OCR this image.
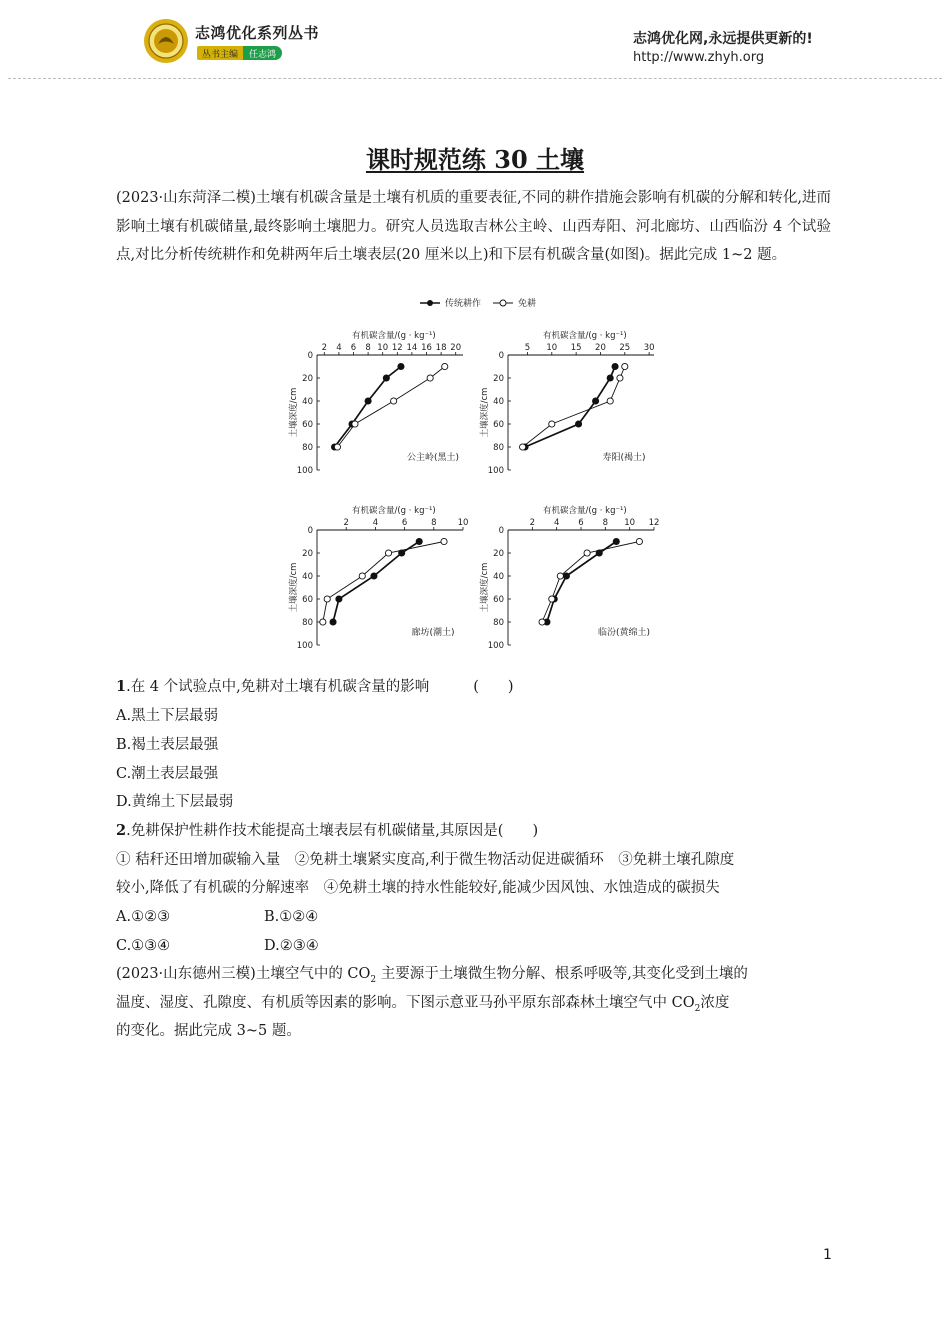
志鸿优化系列丛书
丛书主编	任志鸿
志鸿优化网,永远提供更新的!
http://www.zhyh.org
课时规范练 30 土壤
(2023·山东菏泽二模)土壤有机碳含量是土壤有机质的重要表征,不同的耕作措施会影响有机碳的分解和转化,进而影响土壤有机碳储量,最终影响土壤肥力。研究人员选取吉林公主岭、山西寿阳、河北廊坊、山西临汾 4 个试验点,对比分析传统耕作和免耕两年后土壤表层(20 厘米以上)和下层有机碳含量(如图)。据此完成 1~2 题。
传统耕作	免耕
有机碳含量/(g · kg⁻¹)
2 4 6 8 10 12 14 16 18 20
0
20
40
60
80
100
土壤深度/cm
公主岭(黑土)
有机碳含量/(g · kg⁻¹)
5 10 15 20 25 30
0
20
40
60
80
100
土壤深度/cm
寿阳(褐土)
有机碳含量/(g · kg⁻¹)
2	4	6	8 10
0
20
40
60
80
100
土壤深度/cm
廊坊(潮土)
有机碳含量/(g · kg⁻¹)
2 4 6 8 10 12
0
20
40
60
80
100
土壤深度/cm
临汾(黄绵土)
1.在 4 个试验点中,免耕对土壤有机碳含量的影响	(　　)
A.黑土下层最弱
B.褐土表层最强
C.潮土表层最强
D.黄绵土下层最弱
2.免耕保护性耕作技术能提高土壤表层有机碳储量,其原因是(　　)
① 秸秆还田增加碳输入量　②免耕土壤紧实度高,利于微生物活动促进碳循环　③免耕土壤孔隙度
较小,降低了有机碳的分解速率　④免耕土壤的持水性能较好,能减少因风蚀、水蚀造成的碳损失
A.①②③	B.①②④
C.①③④	D.②③④
(2023·山东德州三模)土壤空气中的 $CO_2$ 主要源于土壤微生物分解、根系呼吸等,其变化受到土壤的
温度、湿度、孔隙度、有机质等因素的影响。下图示意亚马孙平原东部森林土壤空气中 $CO_2$浓度
的变化。据此完成 3~5 题。
1
